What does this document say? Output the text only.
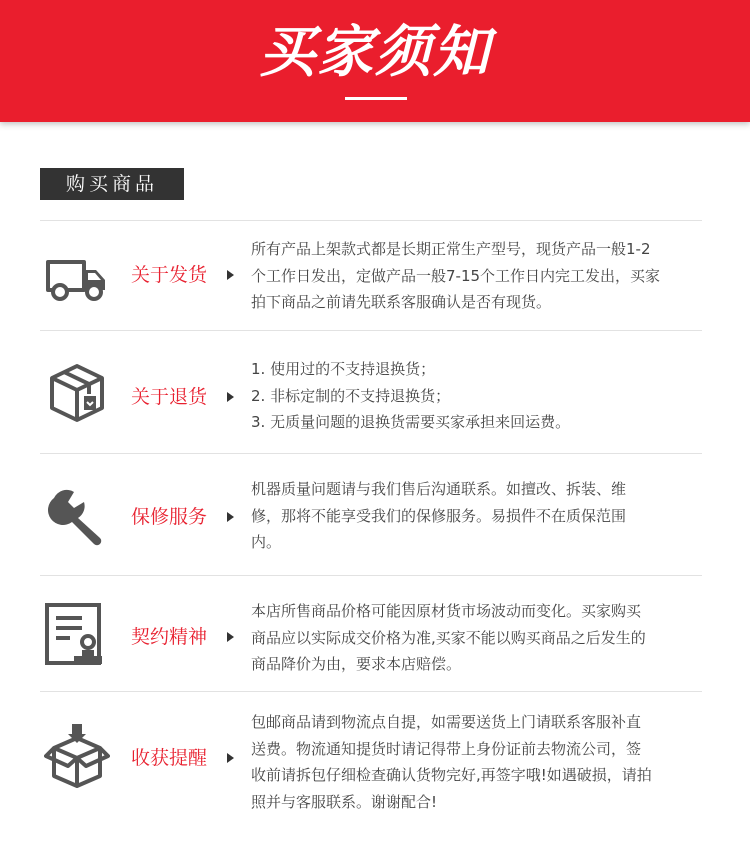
买家须知
购买商品
关于发货

所有产品上架款式都是长期正常生产型号，现货产品一般1-2

个工作日发出，定做产品一般7-15个工作日内完工发出，买家

拍下商品之前请先联系客服确认是否有现货。

关于退货

1. 使用过的不支持退换货；

2. 非标定制的不支持退换货；

3. 无质量问题的退换货需要买家承担来回运费。

保修服务

机器质量问题请与我们售后沟通联系。如擅改、拆装、维

修，那将不能享受我们的保修服务。易损件不在质保范围

内。

契约精神

本店所售商品价格可能因原材货市场波动而变化。买家购买

商品应以实际成交价格为准,买家不能以购买商品之后发生的

商品降价为由，要求本店赔偿。

收获提醒

包邮商品请到物流点自提，如需要送货上门请联系客服补直

送费。物流通知提货时请记得带上身份证前去物流公司，签

收前请拆包仔细检查确认货物完好,再签字哦!如遇破损，请拍

照并与客服联系。谢谢配合!
